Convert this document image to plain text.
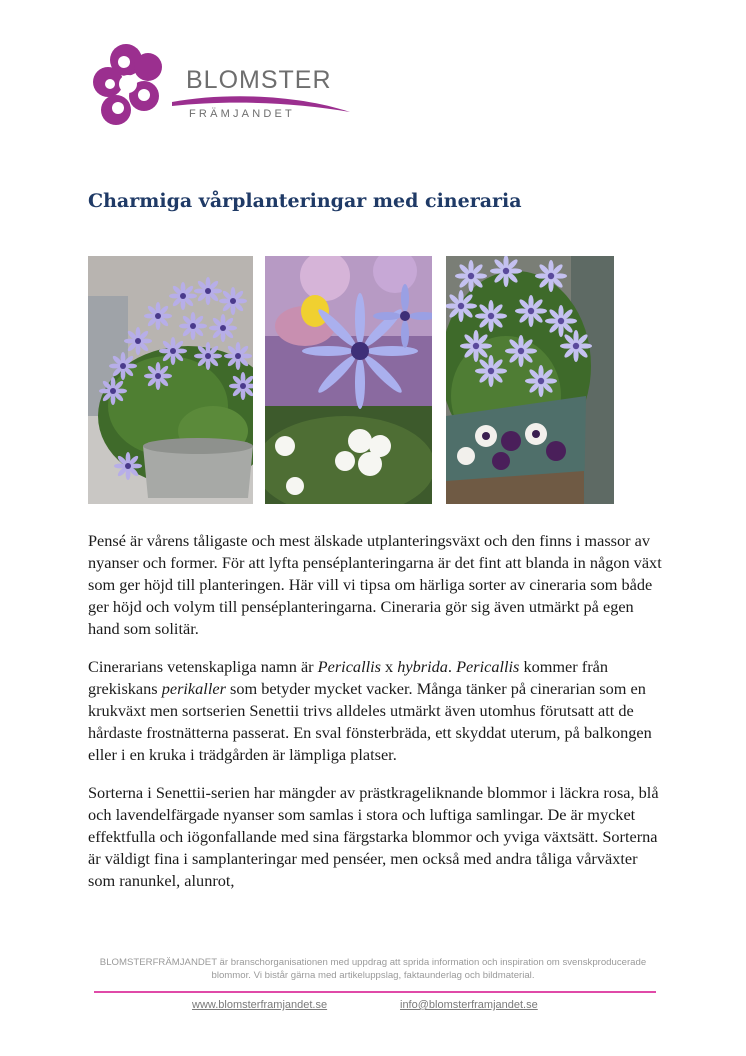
BLOMSTER
FRÄMJANDET
Charmiga vårplanteringar med cineraria

Pensé är vårens tåligaste och mest älskade utplanteringsväxt och den finns i massor av nyanser och former. För att lyfta penséplanteringarna är det fint att blanda in någon växt som ger höjd till planteringen. Här vill vi tipsa om härliga sorter av cineraria som både ger höjd och volym till penséplanteringarna. Cineraria gör sig även utmärkt på egen hand som solitär.

Cinerarians vetenskapliga namn är Pericallis x hybrida. Pericallis kommer från grekiskans perikaller som betyder mycket vacker. Många tänker på cinerarian som en krukväxt men sortserien Senettii trivs alldeles utmärkt även utomhus förutsatt att de hårdaste frostnätterna passerat. En sval fönsterbräda, ett skyddat uterum, på balkongen eller i en kruka i trädgården är lämpliga platser.

Sorterna i Senettii-serien har mängder av prästkrageliknande blommor i läckra rosa, blå och lavendelfärgade nyanser som samlas i stora och luftiga samlingar. De är mycket effektfulla och iögonfallande med sina färgstarka blommor och yviga växtsätt. Sorterna är väldigt fina i samplanteringar med penséer, men också med andra tåliga vårväxter som ranunkel, alunrot,

BLOMSTERFRÄMJANDET är branschorganisationen med uppdrag att sprida information och inspiration om svenskproducerade blommor. Vi bistår gärna med artikeluppslag, faktaunderlag och bildmaterial.
www.blomsterframjandet.se	info@blomsterframjandet.se
